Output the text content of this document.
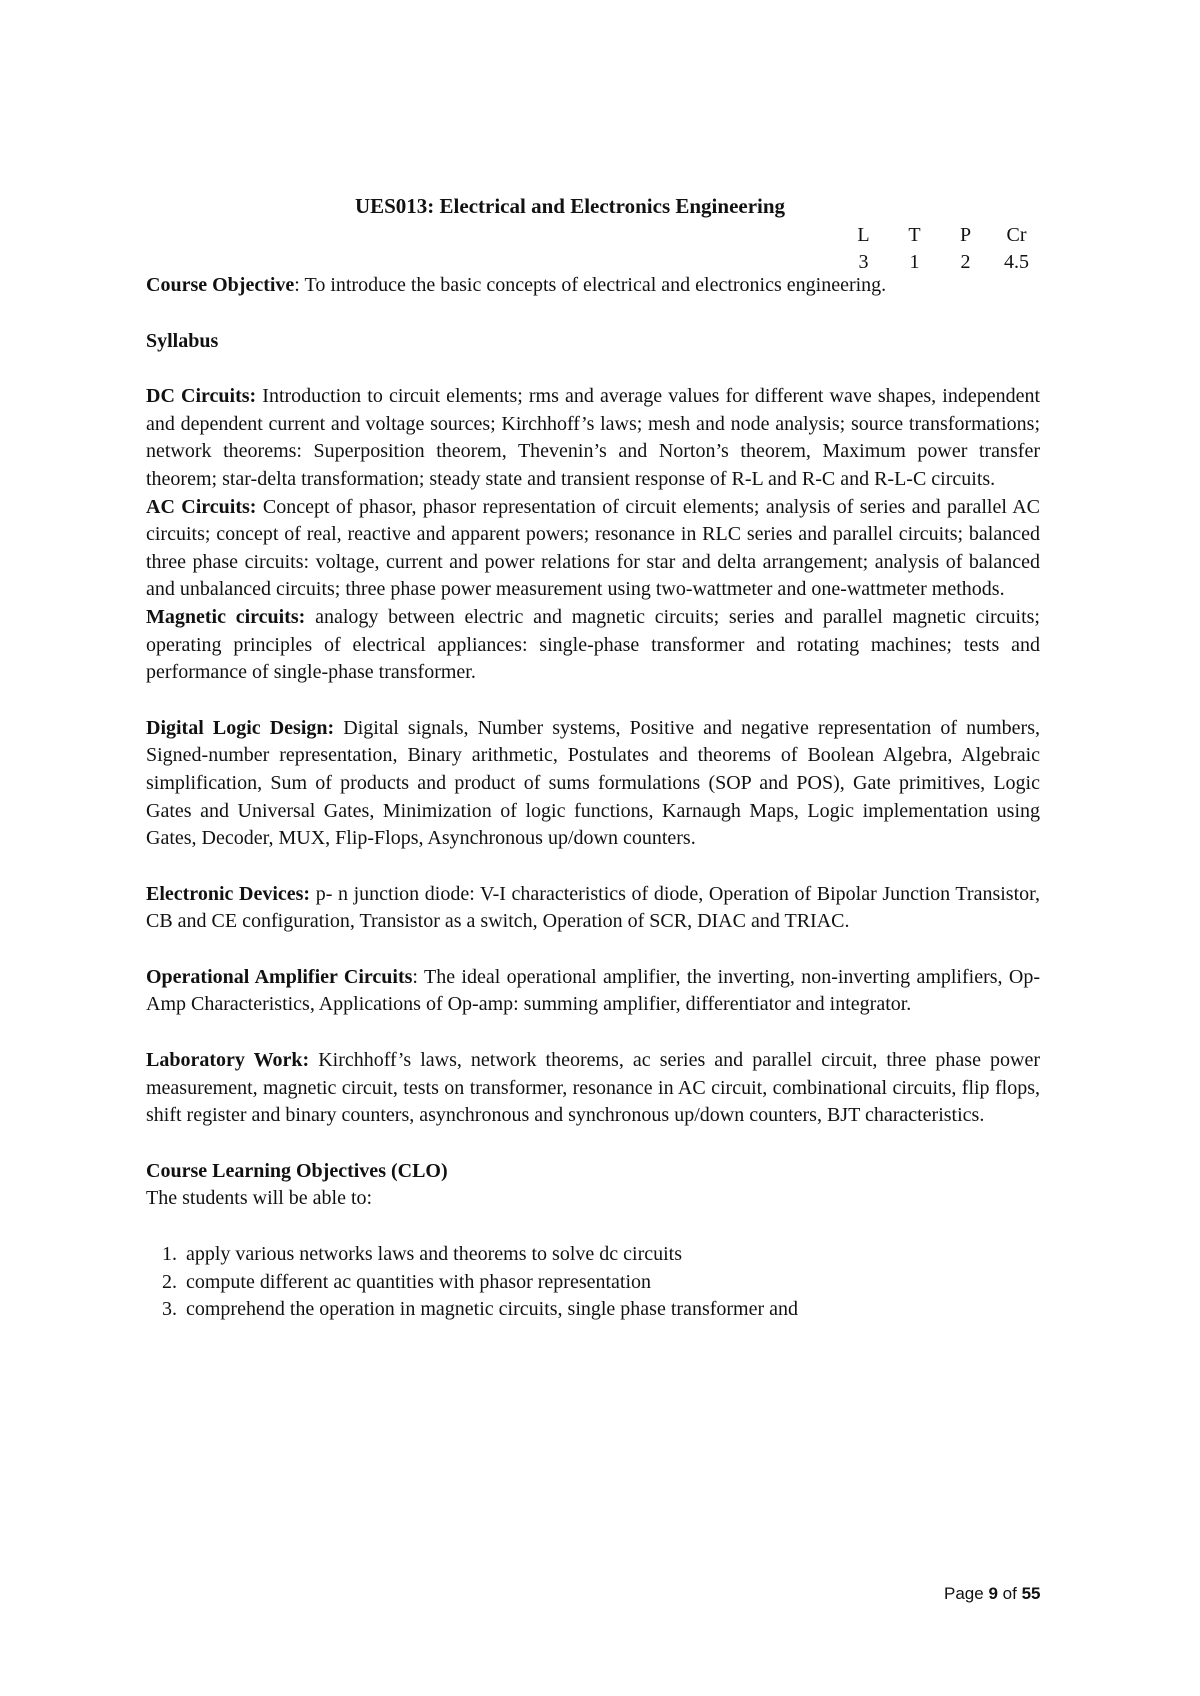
UES013: Electrical and Electronics Engineering
L	T	P	Cr
3	1	2	4.5

Course Objective: To introduce the basic concepts of electrical and electronics engineering.

Syllabus

DC Circuits: Introduction to circuit elements; rms and average values for different wave shapes, independent and dependent current and voltage sources; Kirchhoff’s laws; mesh and node analysis; source transformations; network theorems: Superposition theorem, Thevenin’s and Norton’s theorem, Maximum power transfer theorem; star-delta transformation; steady state and transient response of R-L and R-C and R-L-C circuits.

AC Circuits: Concept of phasor, phasor representation of circuit elements; analysis of series and parallel AC circuits; concept of real, reactive and apparent powers; resonance in RLC series and parallel circuits; balanced three phase circuits: voltage, current and power relations for star and delta arrangement; analysis of balanced and unbalanced circuits; three phase power measurement using two-wattmeter and one-wattmeter methods.

Magnetic circuits: analogy between electric and magnetic circuits; series and parallel magnetic circuits; operating principles of electrical appliances: single-phase transformer and rotating machines; tests and performance of single-phase transformer.

Digital Logic Design: Digital signals, Number systems, Positive and negative representation of numbers, Signed-number representation, Binary arithmetic, Postulates and theorems of Boolean Algebra, Algebraic simplification, Sum of products and product of sums formulations (SOP and POS), Gate primitives, Logic Gates and Universal Gates, Minimization of logic functions, Karnaugh Maps, Logic implementation using Gates, Decoder, MUX, Flip-Flops, Asynchronous up/down counters.

Electronic Devices: p- n junction diode: V-I characteristics of diode, Operation of Bipolar Junction Transistor, CB and CE configuration, Transistor as a switch, Operation of SCR, DIAC and TRIAC.

Operational Amplifier Circuits: The ideal operational amplifier, the inverting, non-inverting amplifiers, Op-Amp Characteristics, Applications of Op-amp: summing amplifier, differentiator and integrator.

Laboratory Work: Kirchhoff’s laws, network theorems, ac series and parallel circuit, three phase power measurement, magnetic circuit, tests on transformer, resonance in AC circuit, combinational circuits, flip flops, shift register and binary counters, asynchronous and synchronous up/down counters, BJT characteristics.

Course Learning Objectives (CLO)

The students will be able to:

1. apply various networks laws and theorems to solve dc circuits
2. compute different ac quantities with phasor representation
3. comprehend the operation in magnetic circuits, single phase transformer and
Page 9 of 55
